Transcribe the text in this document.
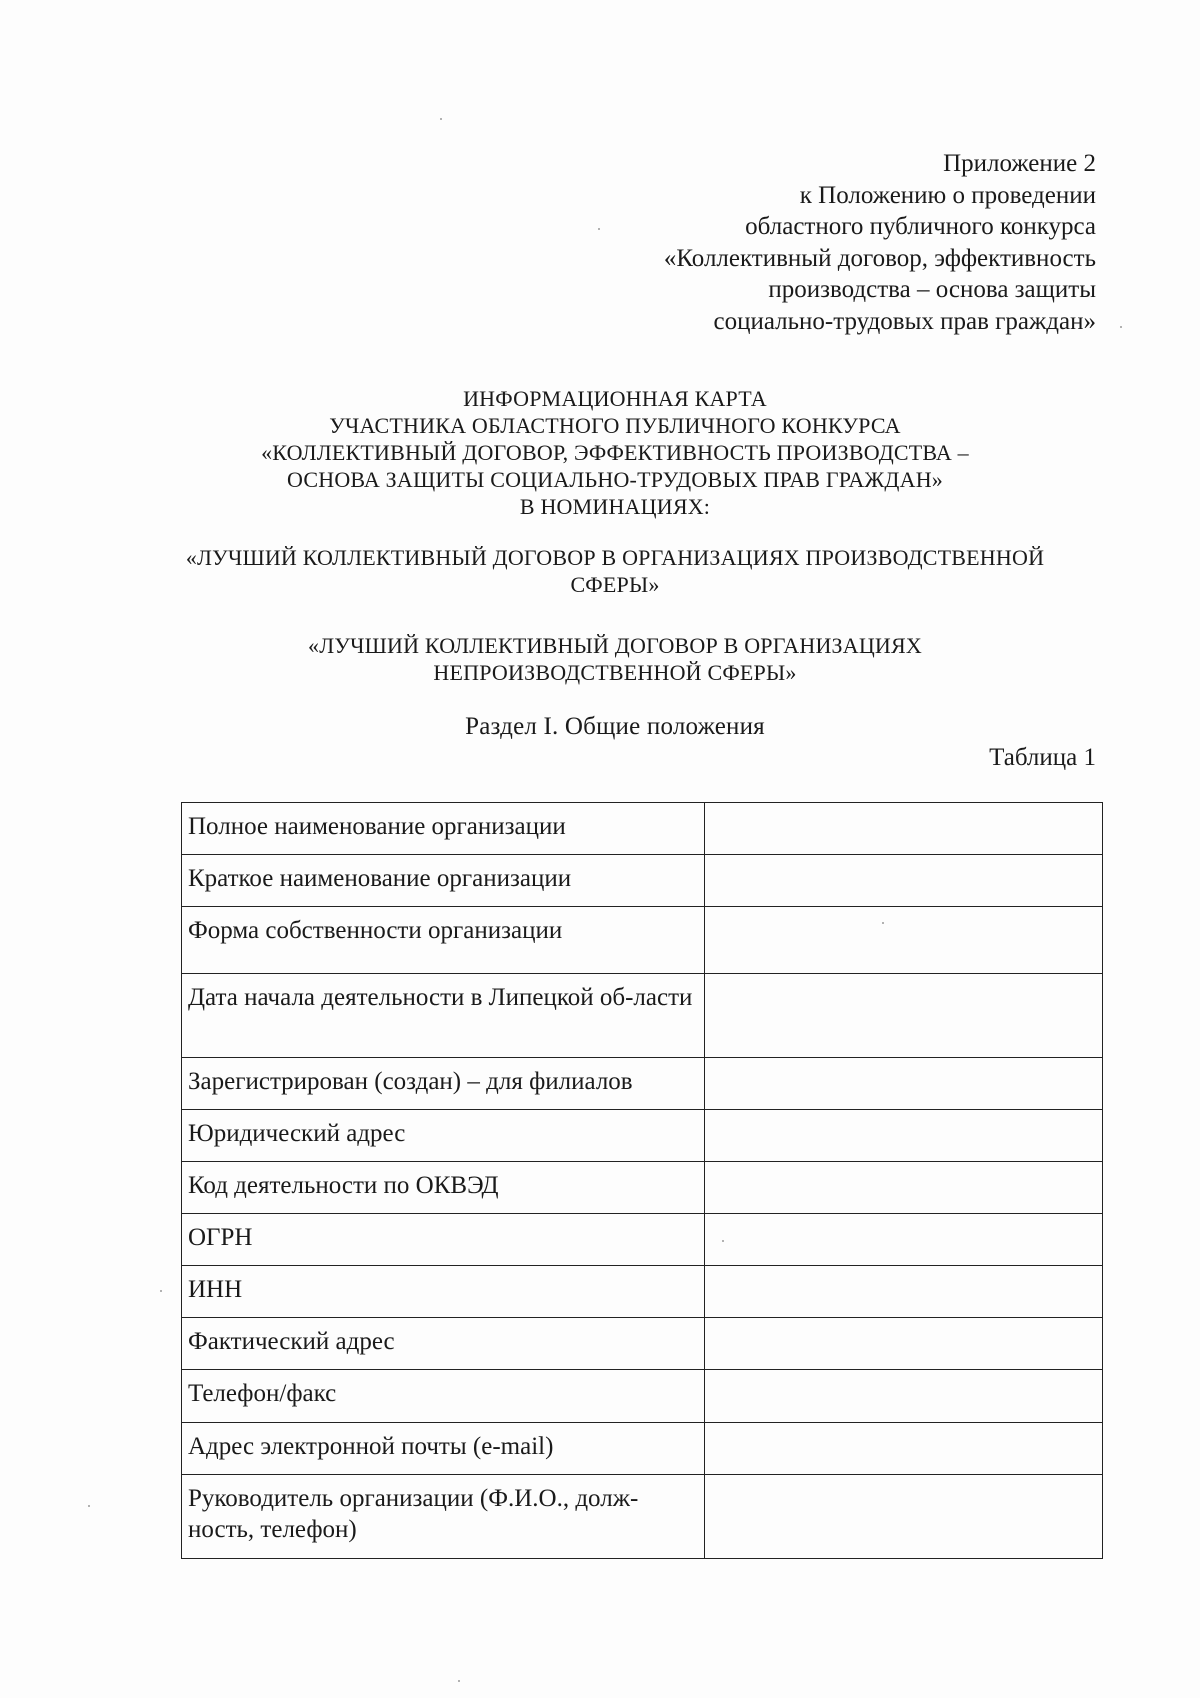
Приложение 2
к Положению о проведении
областного публичного конкурса
«Коллективный договор, эффективность
производства – основа защиты
социально-трудовых прав граждан»
ИНФОРМАЦИОННАЯ КАРТА
УЧАСТНИКА ОБЛАСТНОГО ПУБЛИЧНОГО КОНКУРСА
«КОЛЛЕКТИВНЫЙ ДОГОВОР, ЭФФЕКТИВНОСТЬ ПРОИЗВОДСТВА –
ОСНОВА ЗАЩИТЫ СОЦИАЛЬНО-ТРУДОВЫХ ПРАВ ГРАЖДАН»
В НОМИНАЦИЯХ:
«ЛУЧШИЙ КОЛЛЕКТИВНЫЙ ДОГОВОР В ОРГАНИЗАЦИЯХ ПРОИЗВОДСТВЕННОЙ
СФЕРЫ»
«ЛУЧШИЙ КОЛЛЕКТИВНЫЙ ДОГОВОР В ОРГАНИЗАЦИЯХ
НЕПРОИЗВОДСТВЕННОЙ СФЕРЫ»
Раздел I. Общие положения
Таблица 1
Полное наименование организации	
Краткое наименование организации	
Форма собственности организации	
Дата начала деятельности в Липецкой об-ласти	
Зарегистрирован (создан) – для филиалов	
Юридический адрес	
Код деятельности по ОКВЭД	
ОГРН	
ИНН	
Фактический адрес	
Телефон/факс	
Адрес электронной почты (e-mail)	
Руководитель организации (Ф.И.О., долж-ность, телефон)	
